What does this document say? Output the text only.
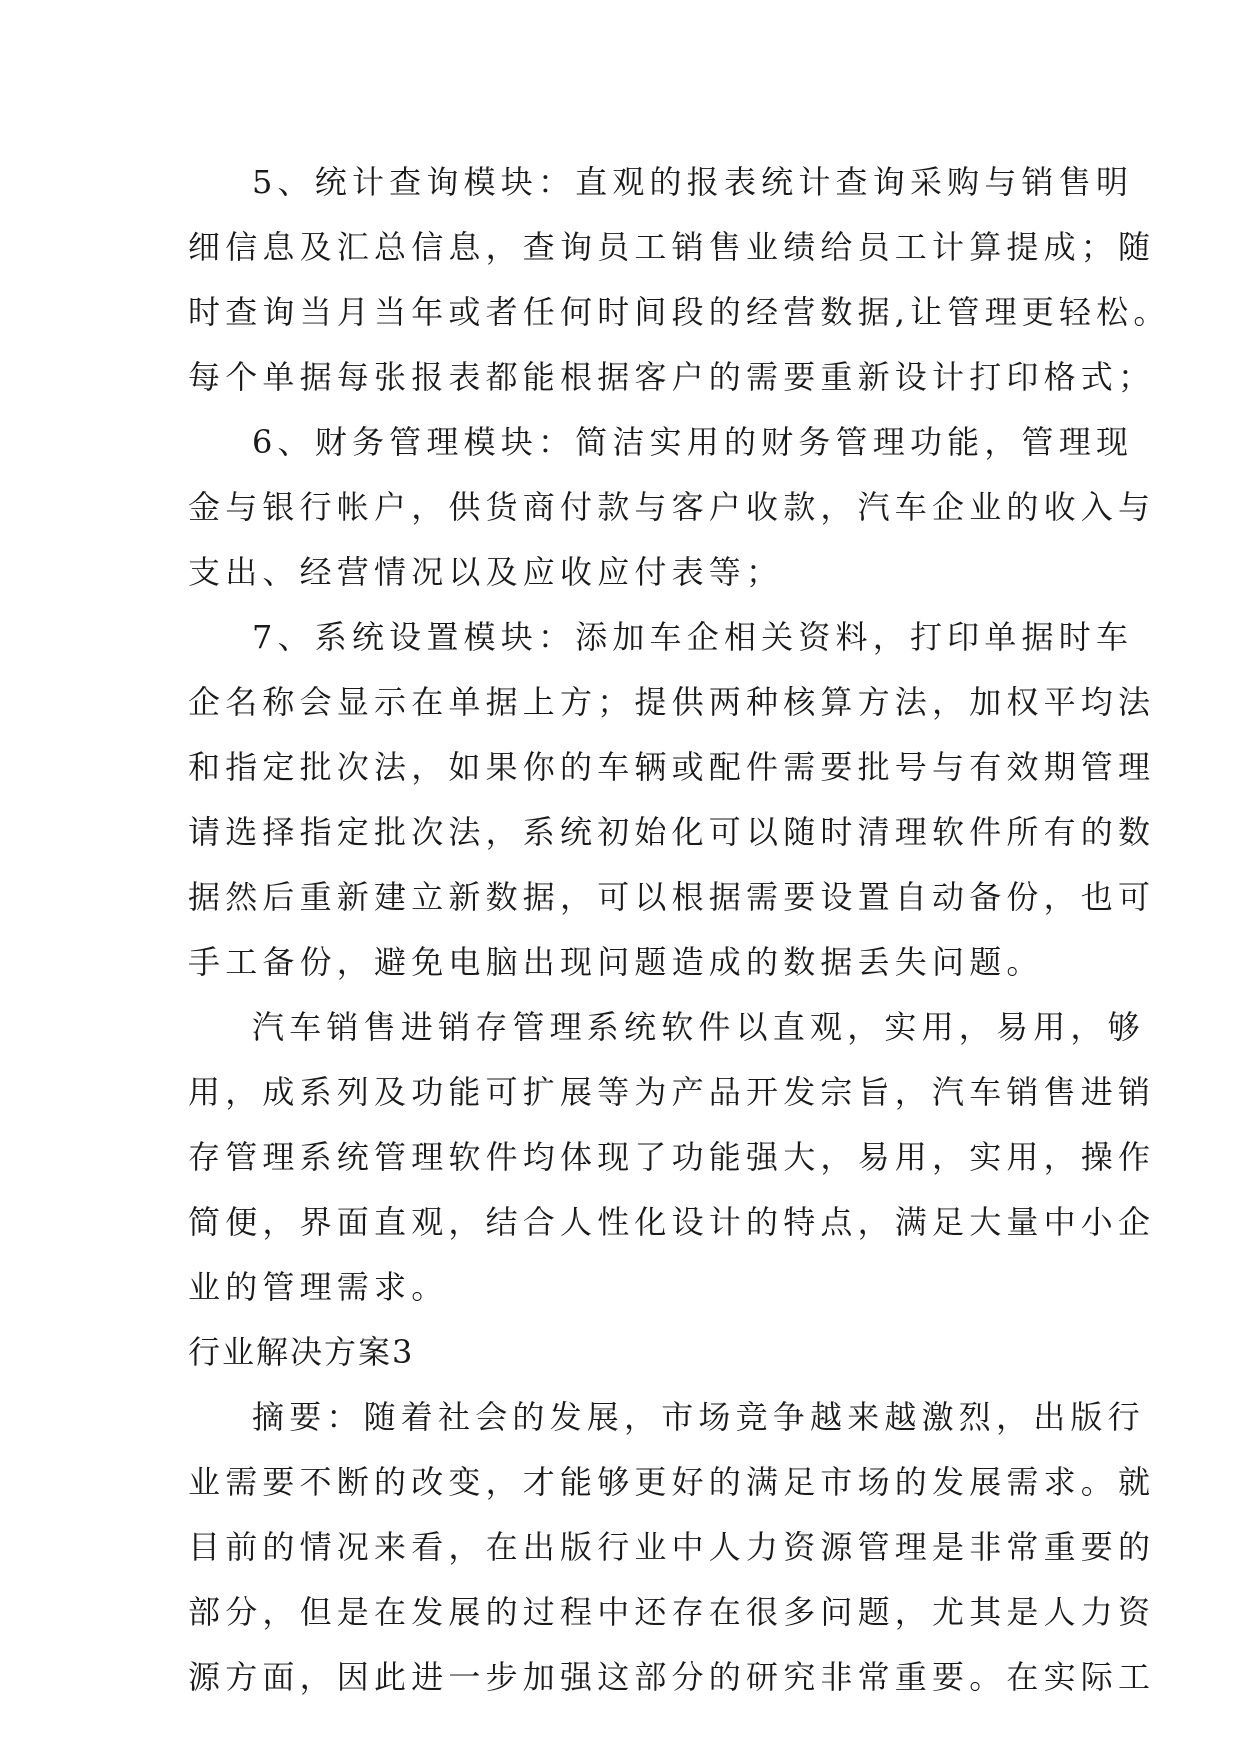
5、统计查询模块：直观的报表统计查询采购与销售明
细信息及汇总信息，查询员工销售业绩给员工计算提成；随
时查询当月当年或者任何时间段的经营数据,让管理更轻松。
每个单据每张报表都能根据客户的需要重新设计打印格式；
6、财务管理模块：简洁实用的财务管理功能，管理现
金与银行帐户，供货商付款与客户收款，汽车企业的收入与
支出、经营情况以及应收应付表等；
7、系统设置模块：添加车企相关资料，打印单据时车
企名称会显示在单据上方；提供两种核算方法，加权平均法
和指定批次法，如果你的车辆或配件需要批号与有效期管理
请选择指定批次法，系统初始化可以随时清理软件所有的数
据然后重新建立新数据，可以根据需要设置自动备份，也可
手工备份，避免电脑出现问题造成的数据丢失问题。
汽车销售进销存管理系统软件以直观，实用，易用，够
用，成系列及功能可扩展等为产品开发宗旨，汽车销售进销
存管理系统管理软件均体现了功能强大，易用，实用，操作
简便，界面直观，结合人性化设计的特点，满足大量中小企
业的管理需求。
行业解决方案3
摘要：随着社会的发展，市场竞争越来越激烈，出版行
业需要不断的改变，才能够更好的满足市场的发展需求。就
目前的情况来看，在出版行业中人力资源管理是非常重要的
部分，但是在发展的过程中还存在很多问题，尤其是人力资
源方面，因此进一步加强这部分的研究非常重要。在实际工
